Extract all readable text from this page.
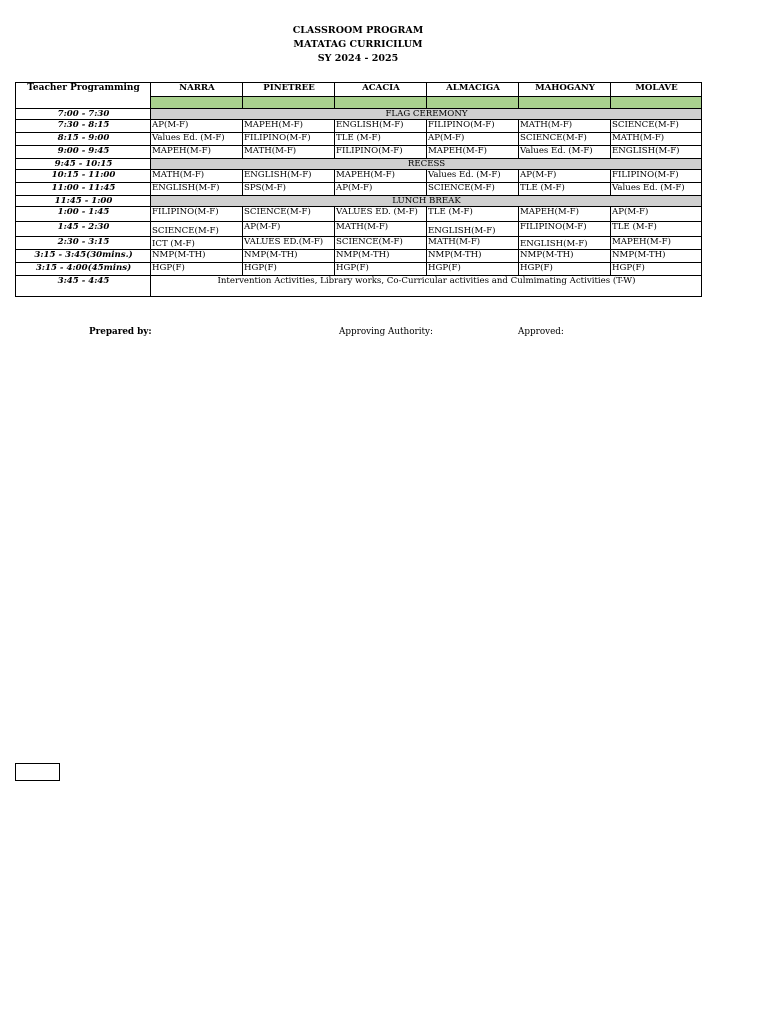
CLASSROOM PROGRAM
MATATAG CURRICILUM
SY 2024 - 2025
Teacher Programming	NARRA	PINETREE	ACACIA	ALMACIGA	MAHOGANY	MOLAVE

7:00 - 7:30	FLAG CEREMONY					
7:30 - 8:15	AP(M-F)	MAPEH(M-F)	ENGLISH(M-F)	FILIPINO(M-F)	MATH(M-F)	SCIENCE(M-F)
8:15 - 9:00	Values Ed. (M-F)	FILIPINO(M-F)	TLE (M-F)	AP(M-F)	SCIENCE(M-F)	MATH(M-F)
9:00 - 9:45	MAPEH(M-F)	MATH(M-F)	FILIPINO(M-F)	MAPEH(M-F)	Values Ed. (M-F)	ENGLISH(M-F)
9:45 - 10:15	RECESS					
10:15 - 11:00	MATH(M-F)	ENGLISH(M-F)	MAPEH(M-F)	Values Ed. (M-F)	AP(M-F)	FILIPINO(M-F)
11:00 - 11:45	ENGLISH(M-F)	SPS(M-F)	AP(M-F)	SCIENCE(M-F)	TLE (M-F)	Values Ed. (M-F)
11:45 - 1:00	LUNCH BREAK					
1:00 - 1:45	FILIPINO(M-F)	SCIENCE(M-F)	VALUES ED. (M-F)	TLE (M-F)	MAPEH(M-F)	AP(M-F)
1:45 - 2:30	SCIENCE(M-F)	AP(M-F)	MATH(M-F)	ENGLISH(M-F)	FILIPINO(M-F)	TLE (M-F)
2:30 - 3:15	ICT (M-F)	VALUES ED.(M-F)	SCIENCE(M-F)	MATH(M-F)	ENGLISH(M-F)	MAPEH(M-F)
3:15 - 3:45(30mins.)	NMP(M-TH)	NMP(M-TH)	NMP(M-TH)	NMP(M-TH)	NMP(M-TH)	NMP(M-TH)
3:15 - 4:00(45mins)	HGP(F)	HGP(F)	HGP(F)	HGP(F)	HGP(F)	HGP(F)
3:45 - 4:45	Intervention Activities, Library works, Co-Curricular activities and Culmimating Activities (T-W)					
Prepared by:	Approving Authority:	Approved:
